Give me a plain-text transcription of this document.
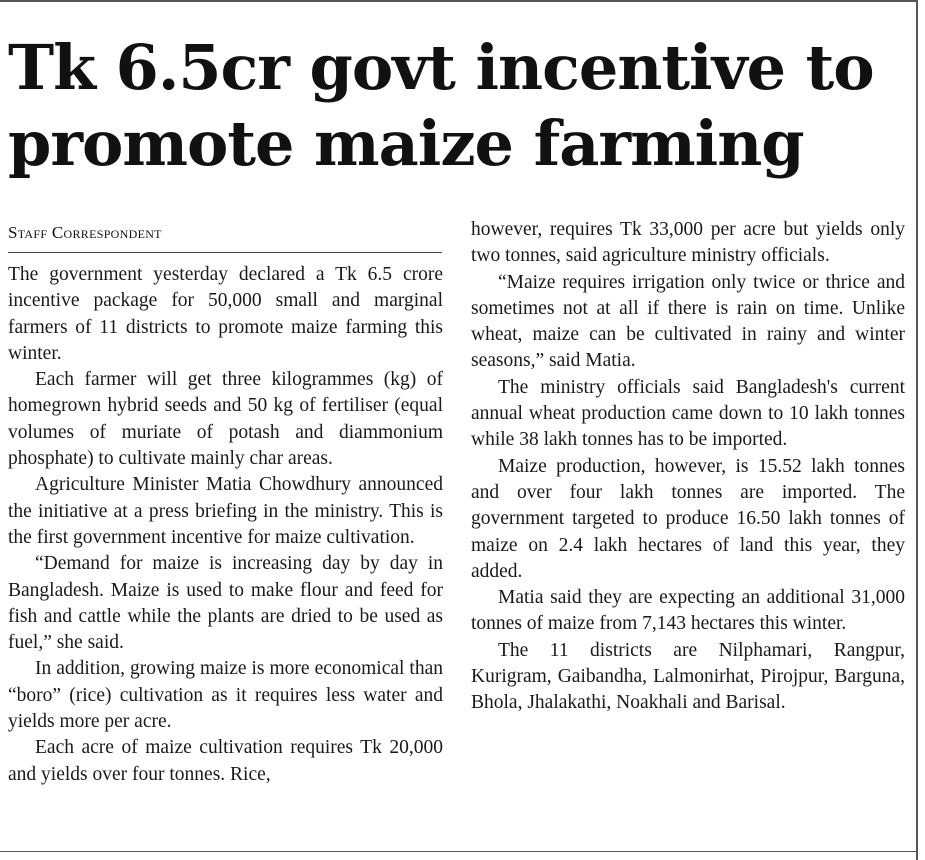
Tk 6.5cr govt incentive to
promote maize farming
Staff Correspondent

The government yesterday declared a Tk 6.5 crore incentive package for 50,000 small and marginal farmers of 11 districts to promote maize farming this winter.

Each farmer will get three kilogrammes (kg) of homegrown hybrid seeds and 50 kg of fertiliser (equal volumes of muriate of potash and diammonium phosphate) to cultivate mainly char areas.

Agriculture Minister Matia Chowdhury announced the initiative at a press briefing in the ministry. This is the first government incentive for maize cultivation.

“Demand for maize is increasing day by day in Bangladesh. Maize is used to make flour and feed for fish and cattle while the plants are dried to be used as fuel,” she said.

In addition, growing maize is more economical than “boro” (rice) cultivation as it requires less water and yields more per acre.

Each acre of maize cultivation requires Tk 20,000 and yields over four tonnes. Rice,

however, requires Tk 33,000 per acre but yields only two tonnes, said agriculture ministry officials.

“Maize requires irrigation only twice or thrice and sometimes not at all if there is rain on time. Unlike wheat, maize can be cultivated in rainy and winter seasons,” said Matia.

The ministry officials said Bangladesh's current annual wheat production came down to 10 lakh tonnes while 38 lakh tonnes has to be imported.

Maize production, however, is 15.52 lakh tonnes and over four lakh tonnes are imported. The government targeted to produce 16.50 lakh tonnes of maize on 2.4 lakh hectares of land this year, they added.

Matia said they are expecting an additional 31,000 tonnes of maize from 7,143 hectares this winter.

The 11 districts are Nilphamari, Rangpur, Kurigram, Gaibandha, Lalmonirhat, Pirojpur, Barguna, Bhola, Jhalakathi, Noakhali and Barisal.
